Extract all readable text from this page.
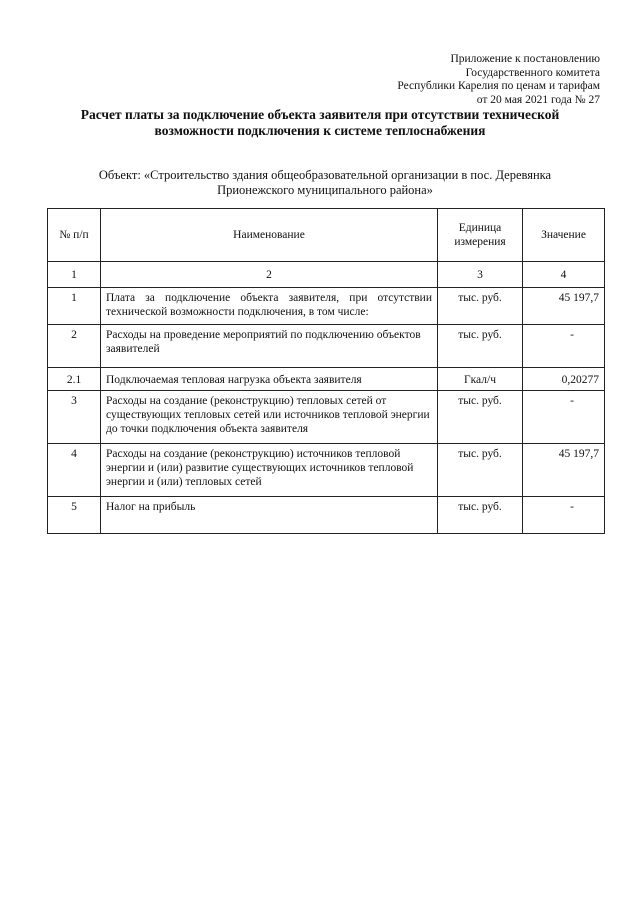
Приложение к постановлению
Государственного комитета
Республики Карелия по ценам и тарифам
от 20 мая 2021 года № 27
Расчет платы за подключение объекта заявителя при отсутствии технической
возможности подключения к системе теплоснабжения
Объект: «Строительство здания общеобразовательной организации в пос. Деревянка
Прионежского муниципального района»
№ п/п	Наименование	Единица измерения	Значение
1	2	3	4
1	Плата за подключение объекта заявителя, при отсутствии технической возможности подключения, в том числе:	тыс. руб.	45 197,7
2	Расходы на проведение мероприятий по подключению объектов заявителей	тыс. руб.	-
2.1	Подключаемая тепловая нагрузка объекта заявителя	Гкал/ч	0,20277
3	Расходы на создание (реконструкцию) тепловых сетей от существующих тепловых сетей или источников тепловой энергии до точки подключения объекта заявителя	тыс. руб.	-
4	Расходы на создание (реконструкцию) источников тепловой энергии и (или) развитие существующих источников тепловой энергии и (или) тепловых сетей	тыс. руб.	45 197,7
5	Налог на прибыль	тыс. руб.	-
